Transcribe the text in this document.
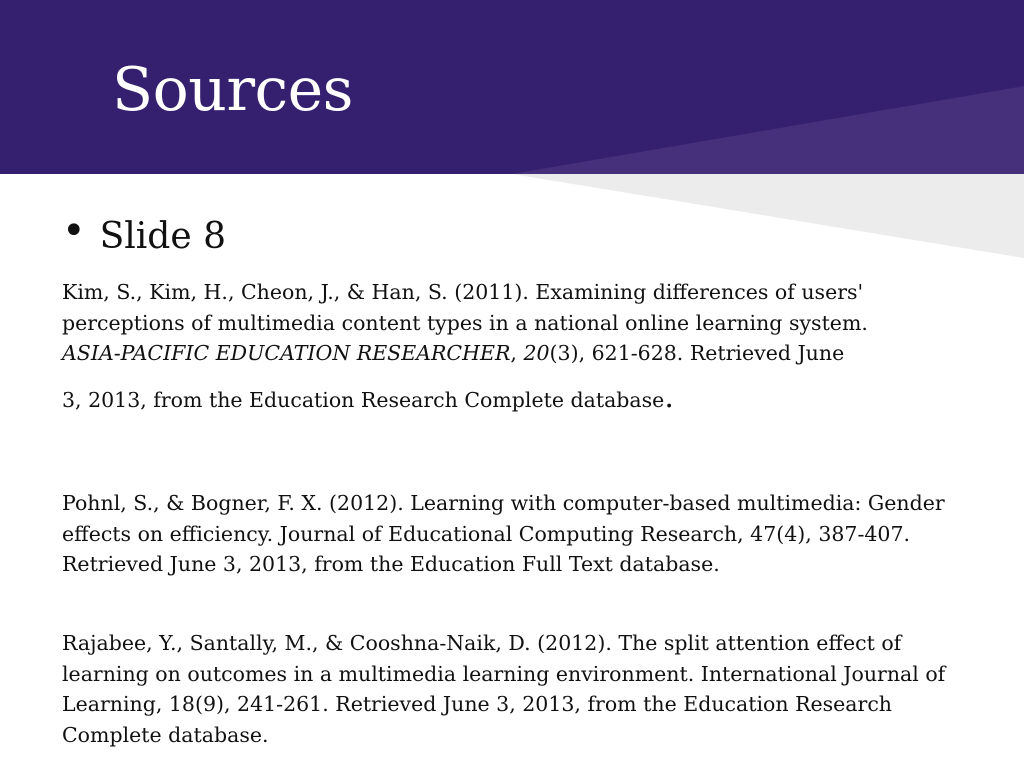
Sources
• Slide 8

Kim, S., Kim, H., Cheon, J., & Han, S. (2011). Examining differences of users' perceptions of multimedia content types in a national online learning system.
ASIA-PACIFIC EDUCATION RESEARCHER, 20(3), 621-628. Retrieved June
3, 2013, from the Education Research Complete database.

Pohnl, S., & Bogner, F. X. (2012). Learning with computer-based multimedia: Gender effects on efficiency. Journal of Educational Computing Research, 47(4), 387-407. Retrieved June 3, 2013, from the Education Full Text database.

Rajabee, Y., Santally, M., & Cooshna-Naik, D. (2012). The split attention effect of learning on outcomes in a multimedia learning environment. International Journal of Learning, 18(9), 241-261. Retrieved June 3, 2013, from the Education Research Complete database.
